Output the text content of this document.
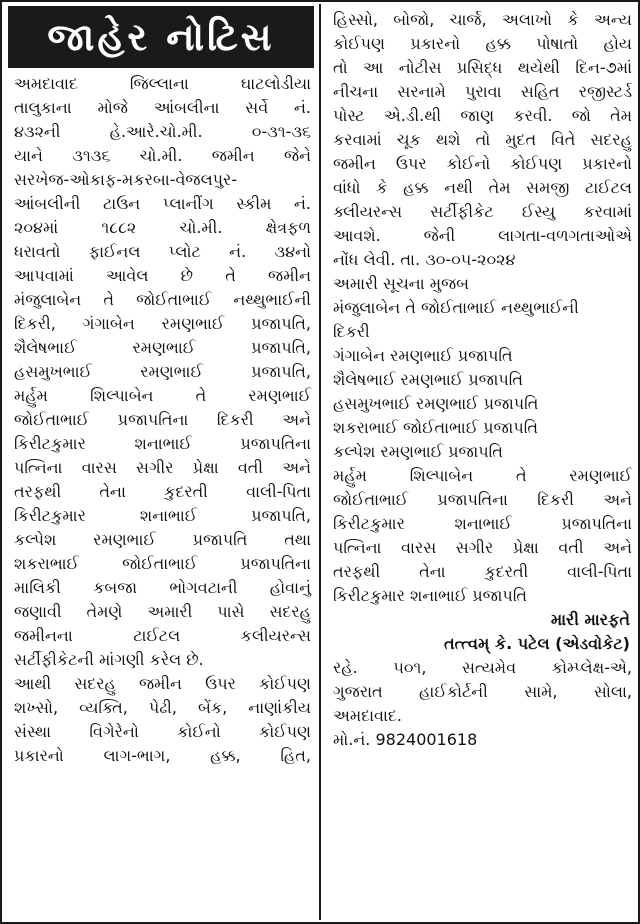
જાહેર નોટિસ
અમદાવાદ જિલ્લાના ઘાટલોડીયા
તાલુકાના મોજે આંબલીના સર્વે નં.
૪૩૨ની હે.આરે.ચો.મી. ૦-૩૧-૩૬
યાને ૩૧૩૬ ચો.મી. જમીન જેને
સરખેજ-ઓકાફ-મકરબા-વેજલપુર-
આંબલીની ટાઉન પ્લાનીંગ સ્કીમ નં.
૨૦૪માં ૧૮૮૨ ચો.મી. ક્ષેત્રફળ
ધરાવતો ફાઈનલ પ્લોટ નં. ૩૪નો
આપવામાં આવેલ છે તે જમીન
મંજુલાબેન તે જોઈતાભાઈ નથ્થુભાઈની
દિકરી, ગંગાબેન રમણભાઈ પ્રજાપતિ,
શૈલેષભાઈ રમણભાઈ પ્રજાપતિ,
હસમુખભાઈ રમણભાઈ પ્રજાપતિ,
મર્હુમ શિલ્પાબેન તે રમણભાઈ
જોઈતાભાઈ પ્રજાપતિના દિકરી અને
કિરીટકુમાર શનાભાઈ પ્રજાપતિના
પત્નિના વારસ સગીર પ્રેક્ષા વતી અને
તરફથી તેના કુદરતી વાલી-પિતા
કિરીટકુમાર શનાભાઈ પ્રજાપતિ,
કલ્પેશ રમણભાઈ પ્રજાપતિ તથા
શકરાભાઈ જોઈતાભાઈ પ્રજાપતિના
માલિકી કબજા ભોગવટાની હોવાનું
જણાવી તેમણે અમારી પાસે સદરહુ
જમીનના ટાઈટલ કલીયરન્સ
સર્ટીફીકેટની માંગણી કરેલ છે.
આથી સદરહુ જમીન ઉપર કોઈપણ
શખ્સો, વ્યક્તિ, પેઢી, બેંક, નાણાંકીય
સંસ્થા વિગેરેનો કોઈનો કોઈપણ
પ્રકારનો લાગ-ભાગ, હક્ક, હિત,
હિસ્સો, બોજો, ચાર્જ, અલાખો કે અન્ય
કોઈપણ પ્રકારનો હક્ક પોષાતો હોય
તો આ નોટીસ પ્રસિદ્ધ થયેથી દિન-૭માં
નીચના સરનામે પુરાવા સહિત રજીસ્ટર્ડ
પોસ્ટ એ.ડી.થી જાણ કરવી. જો તેમ
કરવામાં ચૂક થશે તો મુદત વિતે સદરહુ
જમીન ઉપર કોઈનો કોઈપણ પ્રકારનો
વાંધો કે હક્ક નથી તેમ સમજી ટાઈટલ
ક્લીયરન્સ સર્ટીફીકેટ ઈસ્યુ કરવામાં
આવશે. જેની લાગતા-વળગતાઓએ
નોંધ લેવી. તા. ૩૦-૦૫-૨૦૨૪
અમારી સૂચના મુજબ
મંજુલાબેન તે જોઈતાભાઈ નથ્થુભાઈની
દિકરી
ગંગાબેન રમણભાઈ પ્રજાપતિ
શૈલેષભાઈ રમણભાઈ પ્રજાપતિ
હસમુખભાઈ રમણભાઈ પ્રજાપતિ
શકરાભાઈ જોઈતાભાઈ પ્રજાપતિ
કલ્પેશ રમણભાઈ પ્રજાપતિ
મર્હુમ શિલ્પાબેન તે રમણભાઈ
જોઈતાભાઈ પ્રજાપતિના દિકરી અને
કિરીટકુમાર શનાભાઈ પ્રજાપતિના
પત્નિના વારસ સગીર પ્રેક્ષા વતી અને
તરફથી તેના કુદરતી વાલી-પિતા
કિરીટકુમાર શનાભાઈ પ્રજાપતિ
મારી મારફતે
તત્ત્વમ્ કે. પટેલ (એડવોકેટ)
રહે. ૫૦૧, સત્યમેવ કોમ્પ્લેક્ષ-એ,
ગુજરાત હાઈકોર્ટની સામે, સોલા,
અમદાવાદ.
મો.નં. 9824001618
